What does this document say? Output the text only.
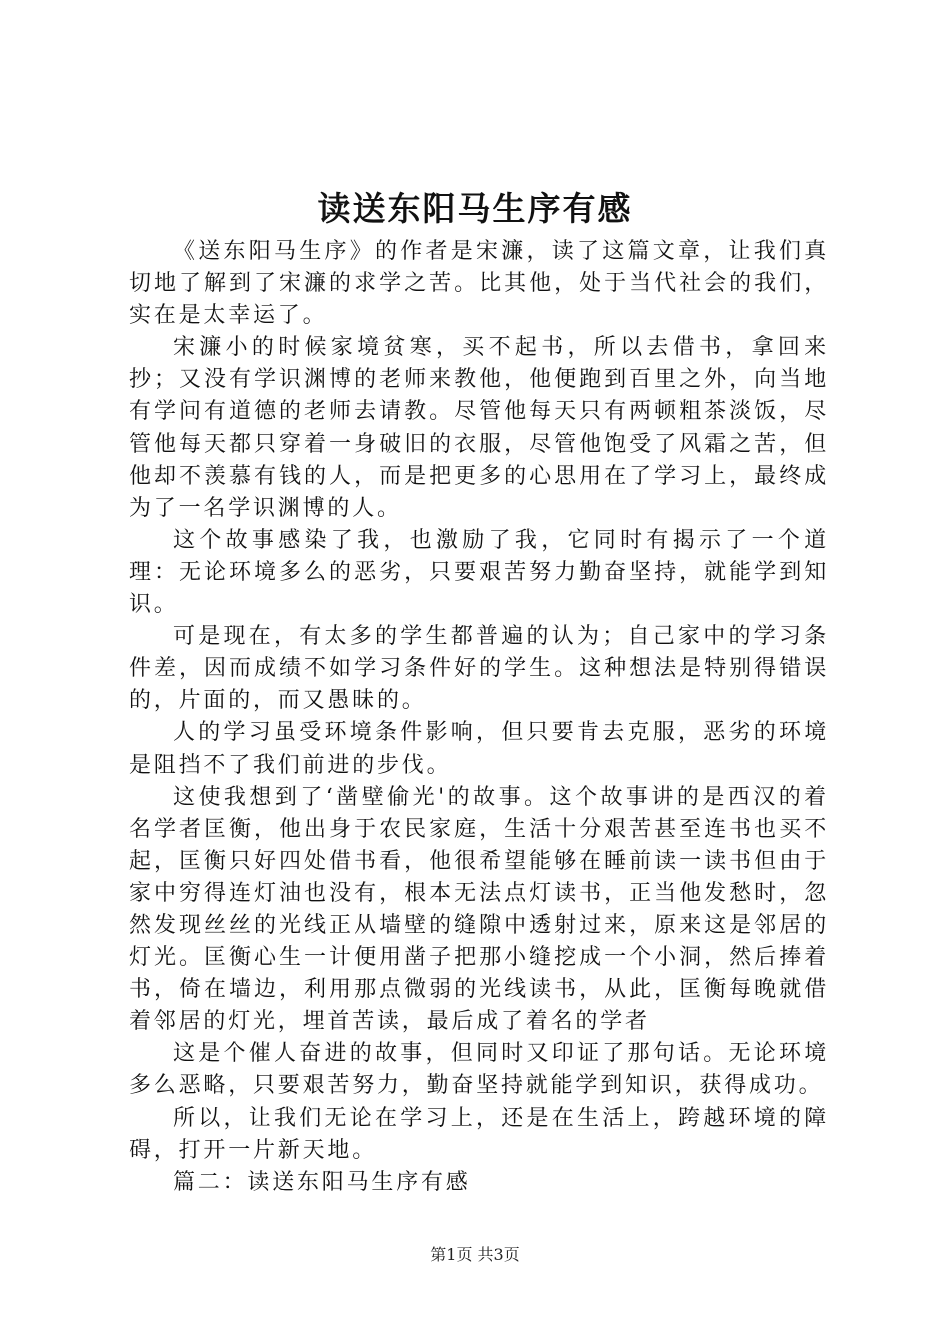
读送东阳马生序有感

《送东阳马生序》的作者是宋濂，读了这篇文章，让我们真切地了解到了宋濂的求学之苦。比其他，处于当代社会的我们，实在是太幸运了。

宋濂小的时候家境贫寒，买不起书，所以去借书，拿回来抄；又没有学识渊博的老师来教他，他便跑到百里之外，向当地有学问有道德的老师去请教。尽管他每天只有两顿粗茶淡饭，尽管他每天都只穿着一身破旧的衣服，尽管他饱受了风霜之苦，但他却不羡慕有钱的人，而是把更多的心思用在了学习上，最终成为了一名学识渊博的人。

这个故事感染了我，也激励了我，它同时有揭示了一个道理：无论环境多么的恶劣，只要艰苦努力勤奋坚持，就能学到知识。

可是现在，有太多的学生都普遍的认为；自己家中的学习条件差，因而成绩不如学习条件好的学生。这种想法是特别得错误的，片面的，而又愚昧的。

人的学习虽受环境条件影响，但只要肯去克服，恶劣的环境是阻挡不了我们前进的步伐。

这使我想到了‘凿壁偷光'的故事。这个故事讲的是西汉的着名学者匡衡，他出身于农民家庭，生活十分艰苦甚至连书也买不起，匡衡只好四处借书看，他很希望能够在睡前读一读书但由于家中穷得连灯油也没有，根本无法点灯读书，正当他发愁时，忽然发现丝丝的光线正从墙壁的缝隙中透射过来，原来这是邻居的灯光。匡衡心生一计便用凿子把那小缝挖成一个小洞，然后捧着书，倚在墙边，利用那点微弱的光线读书，从此，匡衡每晚就借着邻居的灯光，埋首苦读，最后成了着名的学者

这是个催人奋进的故事，但同时又印证了那句话。无论环境多么恶略，只要艰苦努力，勤奋坚持就能学到知识，获得成功。

所以，让我们无论在学习上，还是在生活上，跨越环境的障碍，打开一片新天地。

篇二：读送东阳马生序有感

第1页 共3页
